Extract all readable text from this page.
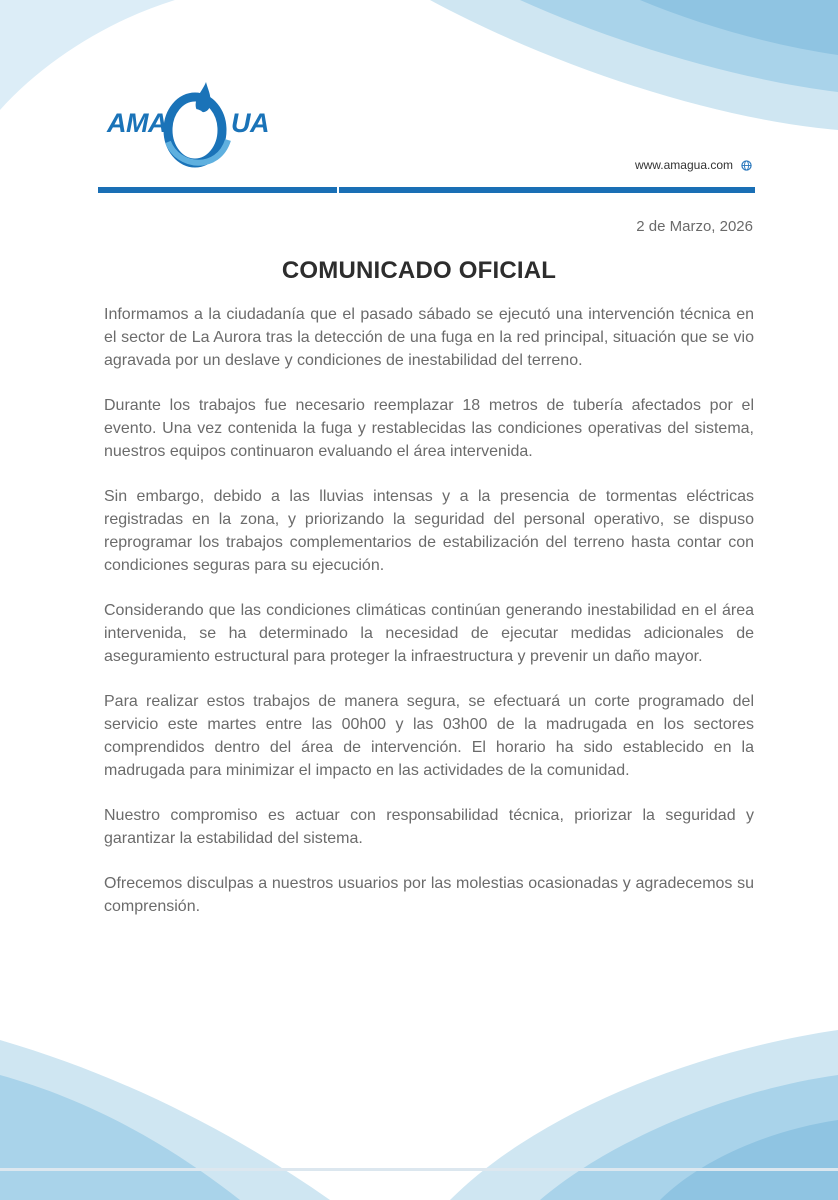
AMA UA
www.amagua.com
2 de Marzo, 2026
COMUNICADO OFICIAL

Informamos a la ciudadanía que el pasado sábado se ejecutó una intervención técnica en el sector de La Aurora tras la detección de una fuga en la red principal, situación que se vio agravada por un deslave y condiciones de inestabilidad del terreno.

Durante los trabajos fue necesario reemplazar 18 metros de tubería afectados por el evento. Una vez contenida la fuga y restablecidas las condiciones operativas del sistema, nuestros equipos continuaron evaluando el área intervenida.

Sin embargo, debido a las lluvias intensas y a la presencia de tormentas eléctricas registradas en la zona, y priorizando la seguridad del personal operativo, se dispuso reprogramar los trabajos complementarios de estabilización del terreno hasta contar con condiciones seguras para su ejecución.

Considerando que las condiciones climáticas continúan generando inestabilidad en el área intervenida, se ha determinado la necesidad de ejecutar medidas adicionales de aseguramiento estructural para proteger la infraestructura y prevenir un daño mayor.

Para realizar estos trabajos de manera segura, se efectuará un corte programado del servicio este martes entre las 00h00 y las 03h00 de la madrugada en los sectores comprendidos dentro del área de intervención. El horario ha sido establecido en la madrugada para minimizar el impacto en las actividades de la comunidad.

Nuestro compromiso es actuar con responsabilidad técnica, priorizar la seguridad y garantizar la estabilidad del sistema.

Ofrecemos disculpas a nuestros usuarios por las molestias ocasionadas y agradecemos su comprensión.
